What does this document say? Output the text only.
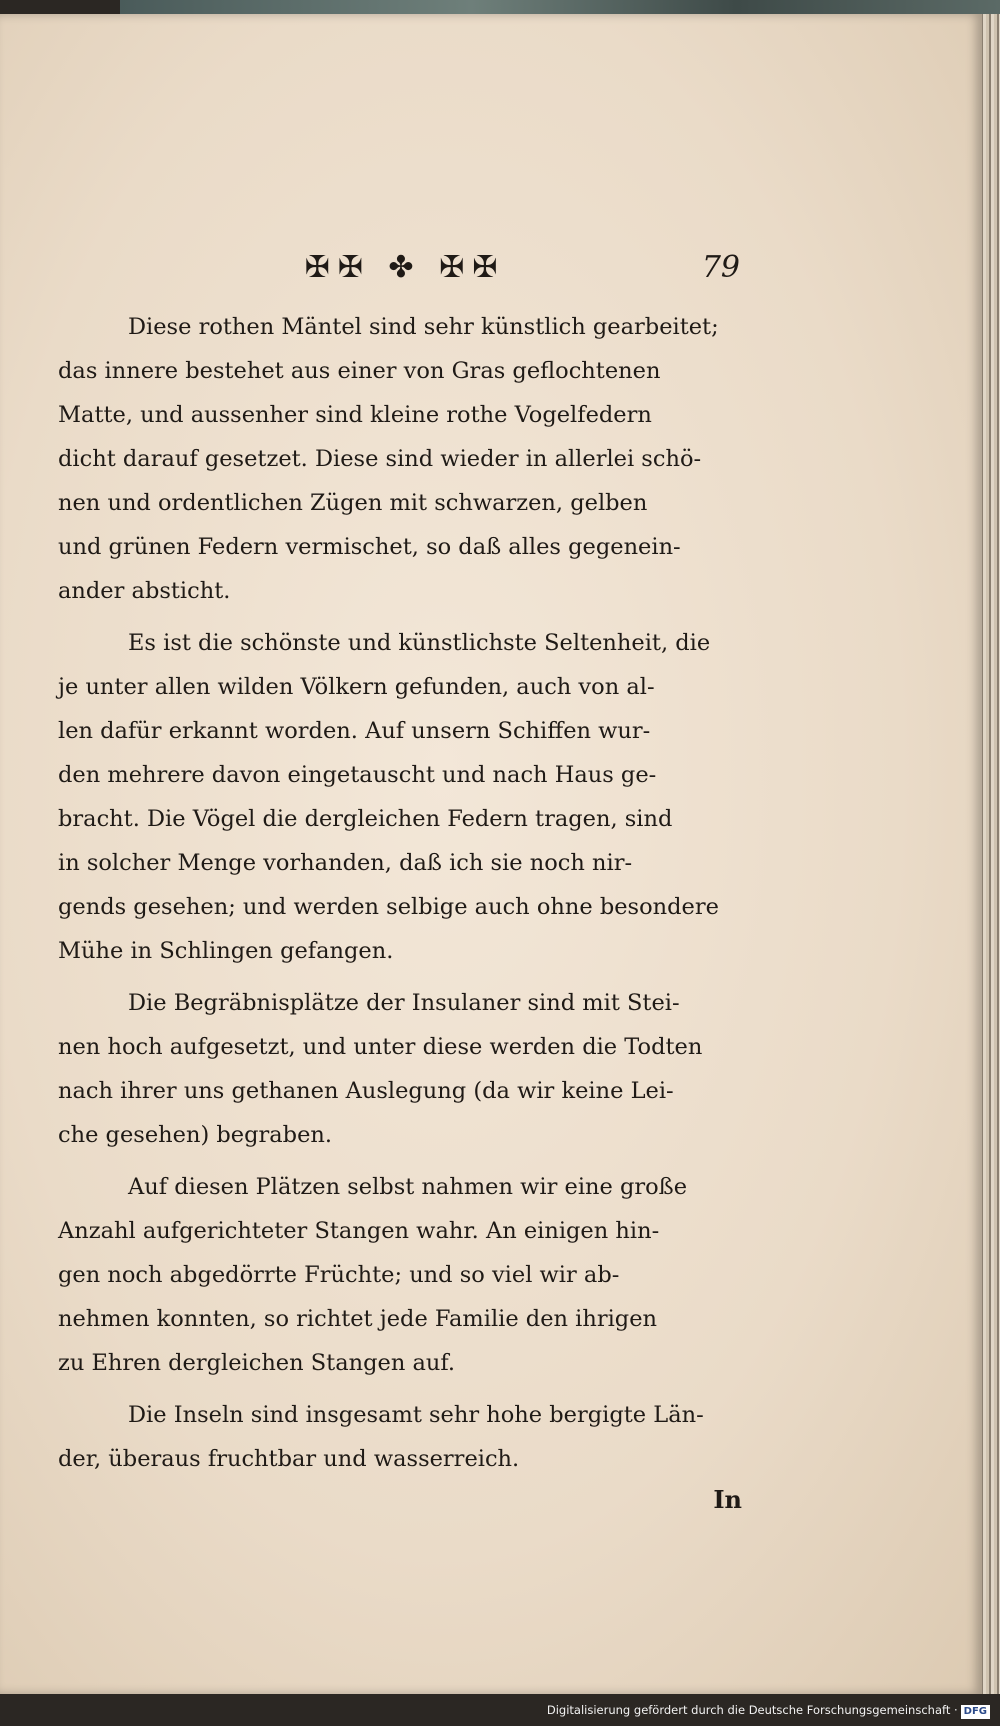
✠✠ ✤ ✠✠	79

Diese rothen Mäntel sind sehr künstlich gearbeitet;
das innere bestehet aus einer von Gras geflochtenen
Matte, und aussenher sind kleine rothe Vogelfedern
dicht darauf gesetzet. Diese sind wieder in allerlei schö-
nen und ordentlichen Zügen mit schwarzen, gelben
und grünen Federn vermischet, so daß alles gegenein-
ander absticht.

Es ist die schönste und künstlichste Seltenheit, die
je unter allen wilden Völkern gefunden, auch von al-
len dafür erkannt worden. Auf unsern Schiffen wur-
den mehrere davon eingetauscht und nach Haus ge-
bracht. Die Vögel die dergleichen Federn tragen, sind
in solcher Menge vorhanden, daß ich sie noch nir-
gends gesehen; und werden selbige auch ohne besondere
Mühe in Schlingen gefangen.

Die Begräbnisplätze der Insulaner sind mit Stei-
nen hoch aufgesetzt, und unter diese werden die Todten
nach ihrer uns gethanen Auslegung (da wir keine Lei-
che gesehen) begraben.

Auf diesen Plätzen selbst nahmen wir eine große
Anzahl aufgerichteter Stangen wahr. An einigen hin-
gen noch abgedörrte Früchte; und so viel wir ab-
nehmen konnten, so richtet jede Familie den ihrigen
zu Ehren dergleichen Stangen auf.

Die Inseln sind insgesamt sehr hohe bergigte Län-
der, überaus fruchtbar und wasserreich.

In
Digitalisierung gefördert durch die Deutsche Forschungsgemeinschaft · DFG
